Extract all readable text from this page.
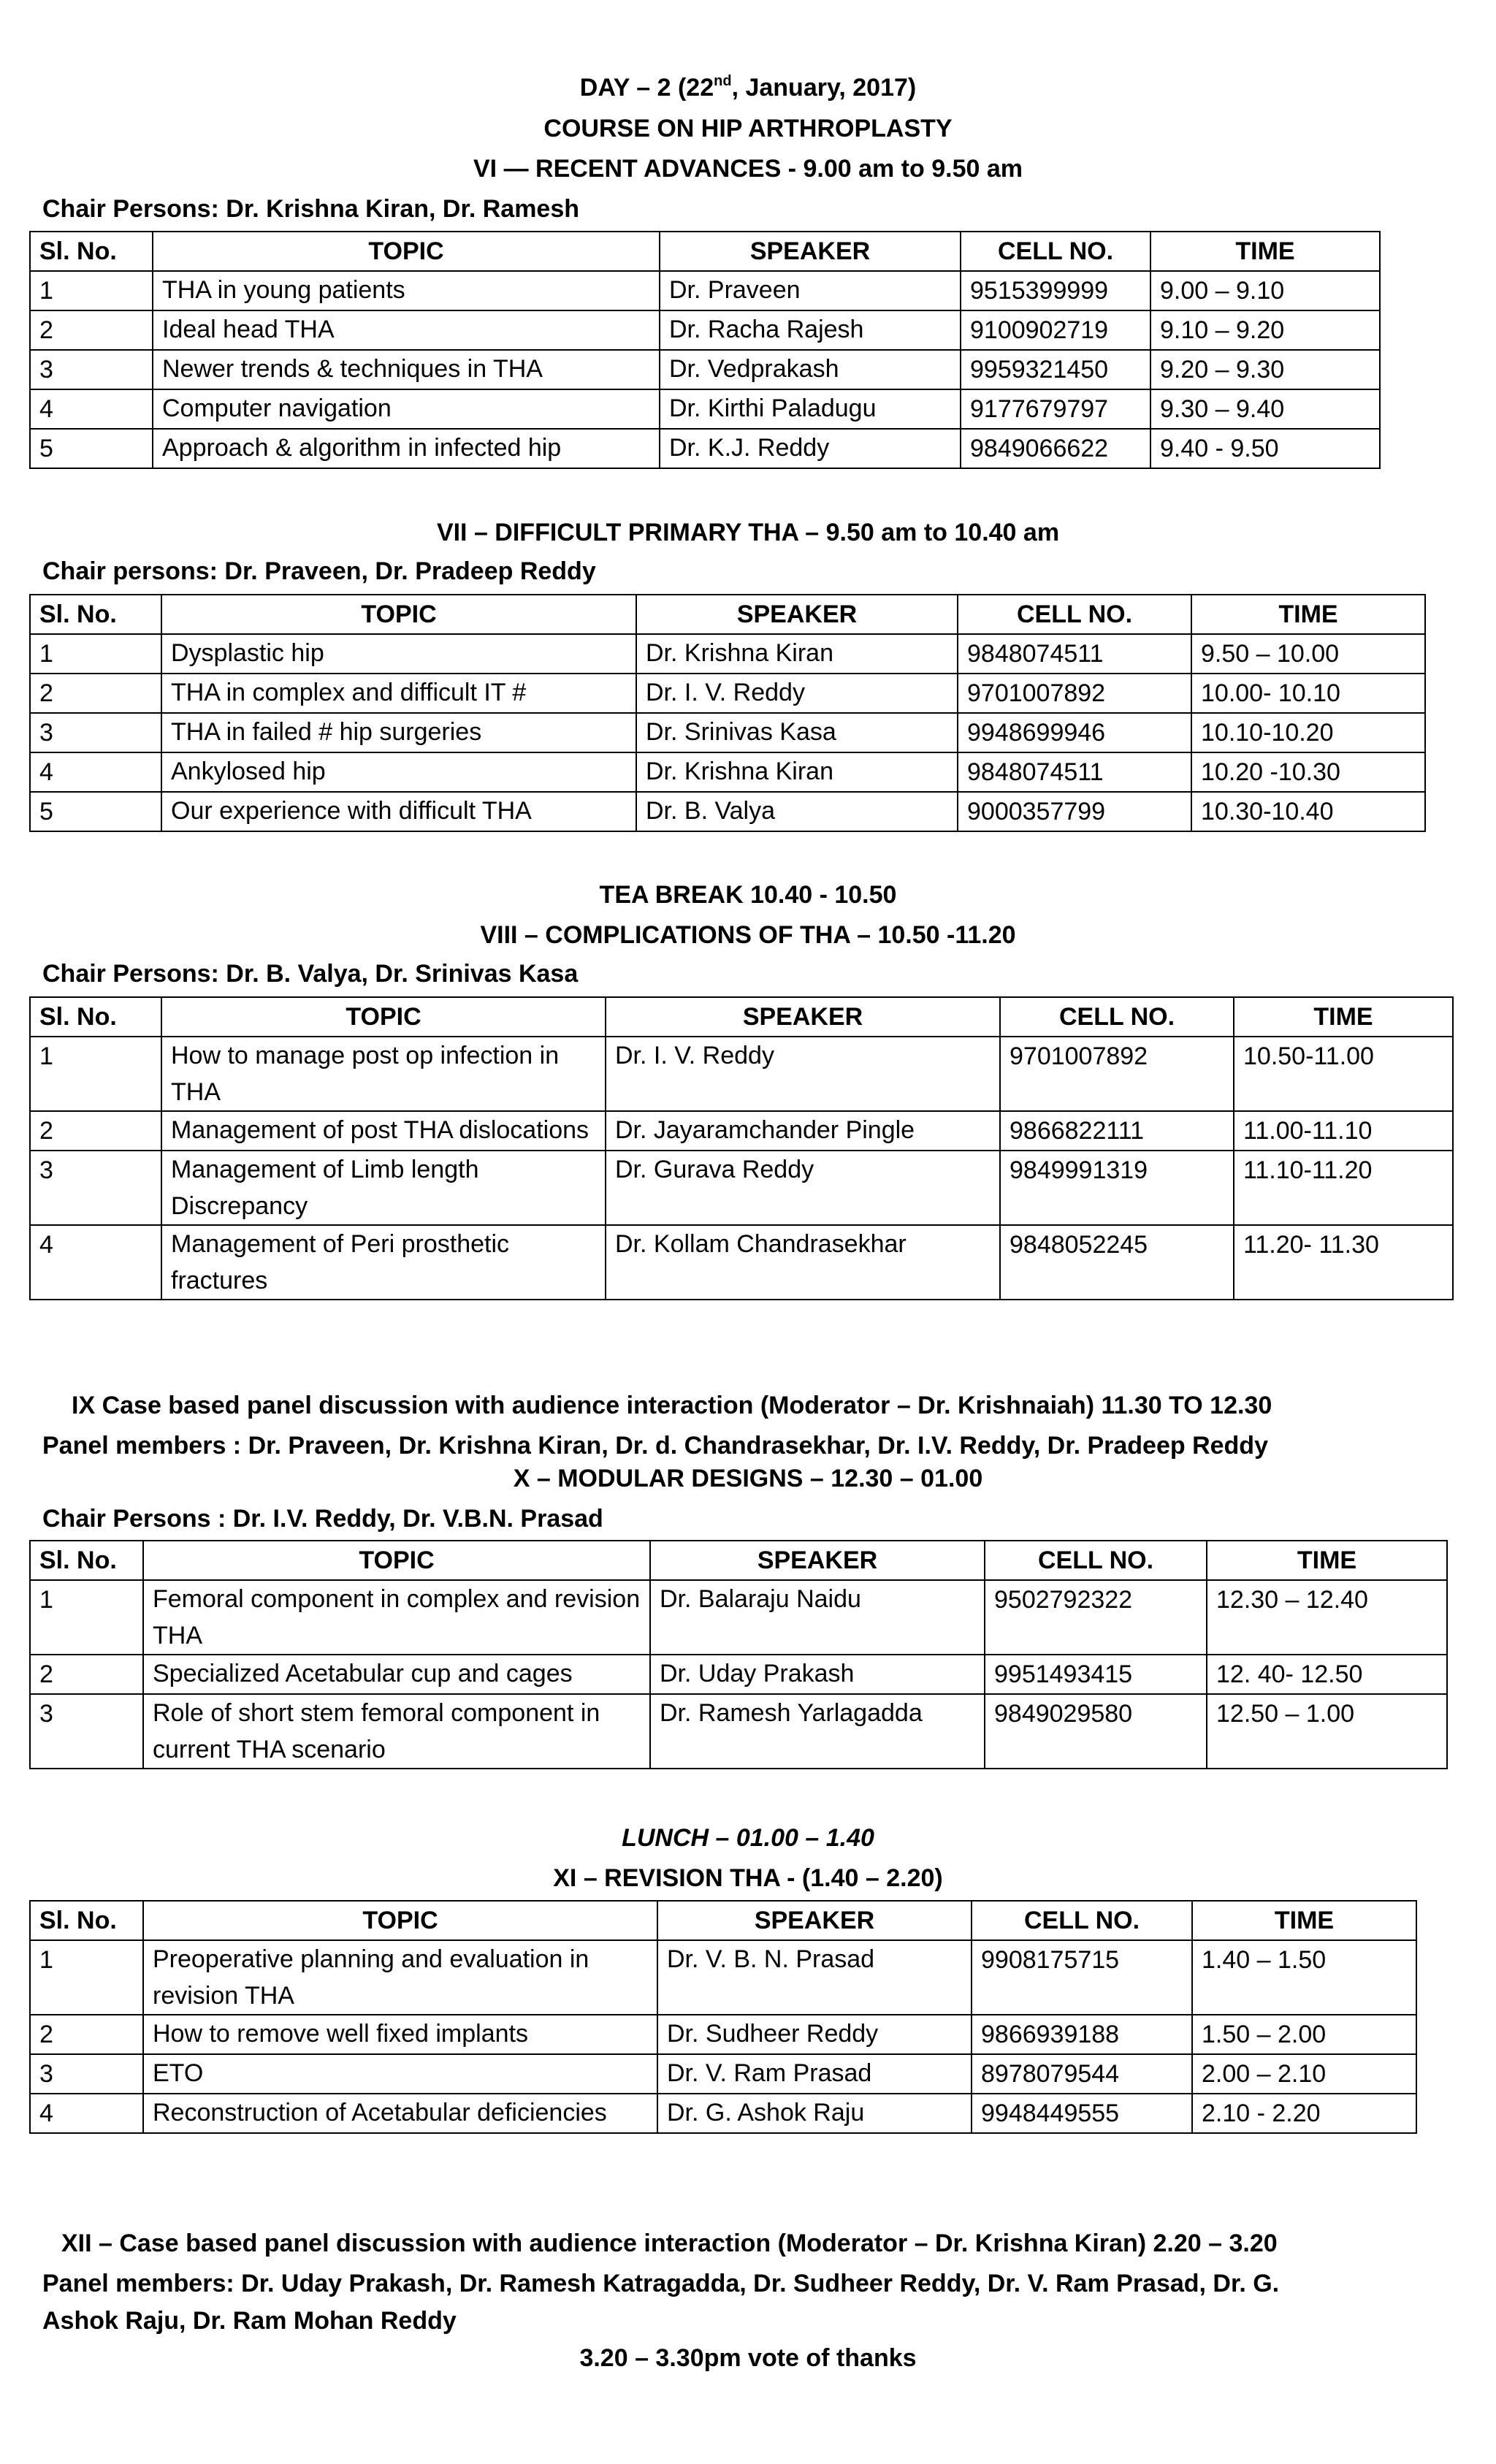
DAY – 2 (22nd, January, 2017)
COURSE ON HIP ARTHROPLASTY
VI — RECENT ADVANCES - 9.00 am to 9.50 am
Chair Persons: Dr. Krishna Kiran, Dr. Ramesh
Sl. No.	TOPIC	SPEAKER	CELL NO.	TIME
1	THA in young patients	Dr. Praveen	9515399999	9.00 – 9.10
2	Ideal head THA	Dr. Racha Rajesh	9100902719	9.10 – 9.20
3	Newer trends & techniques in THA	Dr. Vedprakash	9959321450	9.20 – 9.30
4	Computer navigation	Dr. Kirthi Paladugu	9177679797	9.30 – 9.40
5	Approach & algorithm in infected hip	Dr. K.J. Reddy	9849066622	9.40 - 9.50
VII – DIFFICULT PRIMARY THA – 9.50 am to 10.40 am
Chair persons: Dr. Praveen, Dr. Pradeep Reddy
Sl. No.	TOPIC	SPEAKER	CELL NO.	TIME
1	Dysplastic hip	Dr. Krishna Kiran	9848074511	9.50 – 10.00
2	THA in complex and difficult IT #	Dr. I. V. Reddy	9701007892	10.00- 10.10
3	THA in failed # hip surgeries	Dr. Srinivas Kasa	9948699946	10.10-10.20
4	Ankylosed hip	Dr. Krishna Kiran	9848074511	10.20 -10.30
5	Our experience with difficult THA	Dr. B. Valya	9000357799	10.30-10.40
TEA BREAK 10.40 - 10.50
VIII – COMPLICATIONS OF THA – 10.50 -11.20
Chair Persons: Dr. B. Valya, Dr. Srinivas Kasa
Sl. No.	TOPIC	SPEAKER	CELL NO.	TIME
1	How to manage post op infection in THA	Dr. I. V. Reddy	9701007892	10.50-11.00
2	Management of post THA dislocations	Dr. Jayaramchander Pingle	9866822111	11.00-11.10
3	Management of Limb length Discrepancy	Dr. Gurava Reddy	9849991319	11.10-11.20
4	Management of Peri prosthetic fractures	Dr. Kollam Chandrasekhar	9848052245	11.20- 11.30
IX Case based panel discussion with audience interaction (Moderator – Dr. Krishnaiah) 11.30 TO 12.30
Panel members : Dr. Praveen, Dr. Krishna Kiran, Dr. d. Chandrasekhar, Dr. I.V. Reddy, Dr. Pradeep Reddy
X – MODULAR DESIGNS – 12.30 – 01.00
Chair Persons : Dr. I.V. Reddy, Dr. V.B.N. Prasad
Sl. No.	TOPIC	SPEAKER	CELL NO.	TIME
1	Femoral component in complex and revision THA	Dr. Balaraju Naidu	9502792322	12.30 – 12.40
2	Specialized Acetabular cup and cages	Dr. Uday Prakash	9951493415	12. 40- 12.50
3	Role of short stem femoral component in current THA scenario	Dr. Ramesh Yarlagadda	9849029580	12.50 – 1.00
LUNCH – 01.00 – 1.40
XI – REVISION THA - (1.40 – 2.20)
Sl. No.	TOPIC	SPEAKER	CELL NO.	TIME
1	Preoperative planning and evaluation in revision THA	Dr. V. B. N. Prasad	9908175715	1.40 – 1.50
2	How to remove well fixed implants	Dr. Sudheer Reddy	9866939188	1.50 – 2.00
3	ETO	Dr. V. Ram Prasad	8978079544	2.00 – 2.10
4	Reconstruction of Acetabular deficiencies	Dr. G. Ashok Raju	9948449555	2.10 - 2.20
XII – Case based panel discussion with audience interaction (Moderator – Dr. Krishna Kiran) 2.20 – 3.20
Panel members: Dr. Uday Prakash, Dr. Ramesh Katragadda, Dr. Sudheer Reddy, Dr. V. Ram Prasad, Dr. G.
Ashok Raju, Dr. Ram Mohan Reddy
3.20 – 3.30pm vote of thanks
